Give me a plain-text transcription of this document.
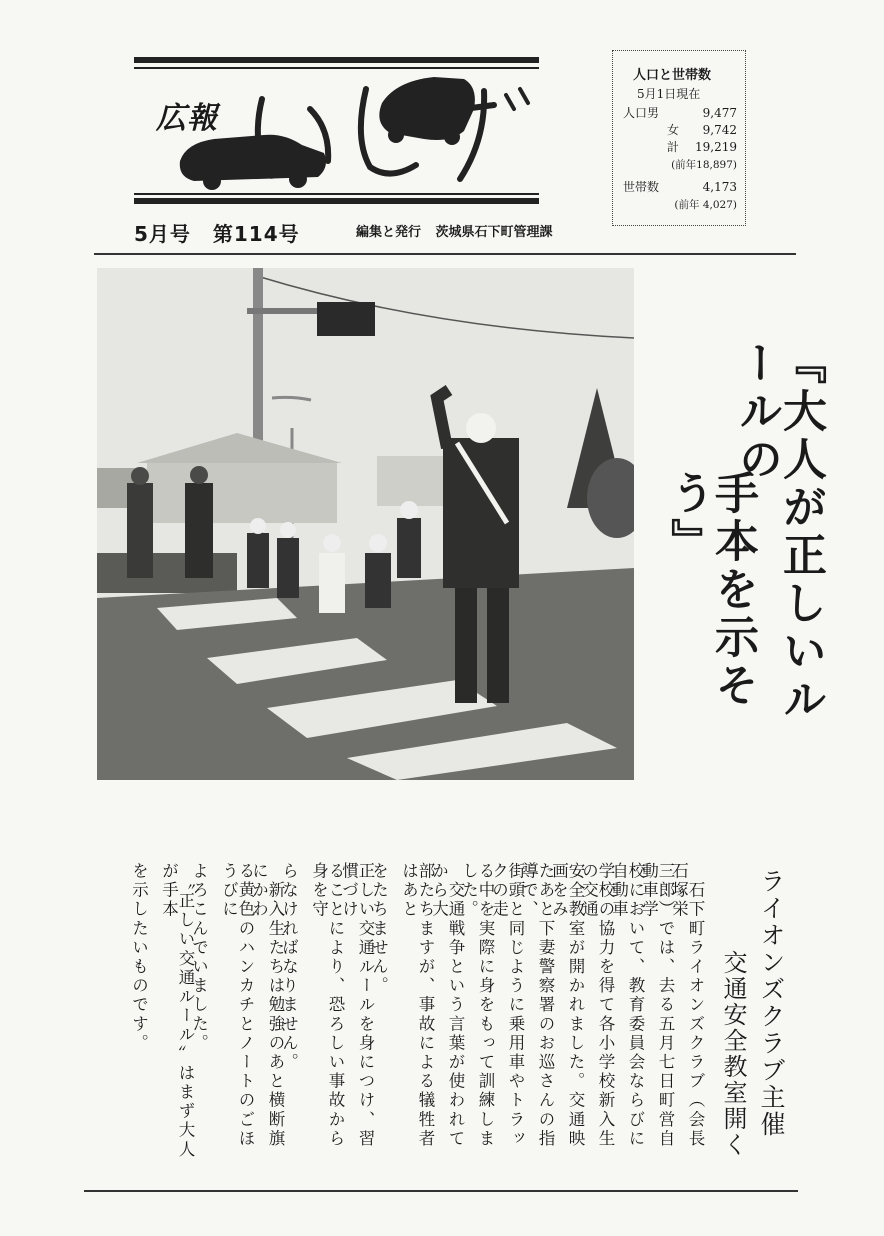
広報
5月号 第114号	編集と発行 茨城県石下町管理課
人口と世帯数
5月1日現在
人口男	9,477
女 9,742
計 19,219
(前年18,897)
世帯数	4,173
(前年 4,027)
『大人が正しいルールの
手本を示そう』
ライオンズクラブ主催
交通安全教室開く
　石下町ライオンズクラブ（会長石塚栄
三郎）では、去る五月七日町営自動車学
校において、教育委員会ならびに自動車
学校の協力を得て各小学校新入生の交通
安全教室が開かれました。交通映画をみ
たあと下妻警察署のお巡さんの指導で、
街頭と同じように乗用車やトラックの走
る中を実際に身をもって訓練しました。
　交通戦争という言葉が使われてから大
部たちますが、事故による犠牲者はあと
をたちません。
正しい交通ルールを身につけ、習慣づけ
ることにより、恐ろしい事故から身を守
らなければなりません。
　新入生たちは勉強のあと横断旗にかわ
る黄色のハンカチとノートのごほうびに
よろこんでいました。
　〝正しい交通ルール〟はまず大人が手本
を示したいものです。
